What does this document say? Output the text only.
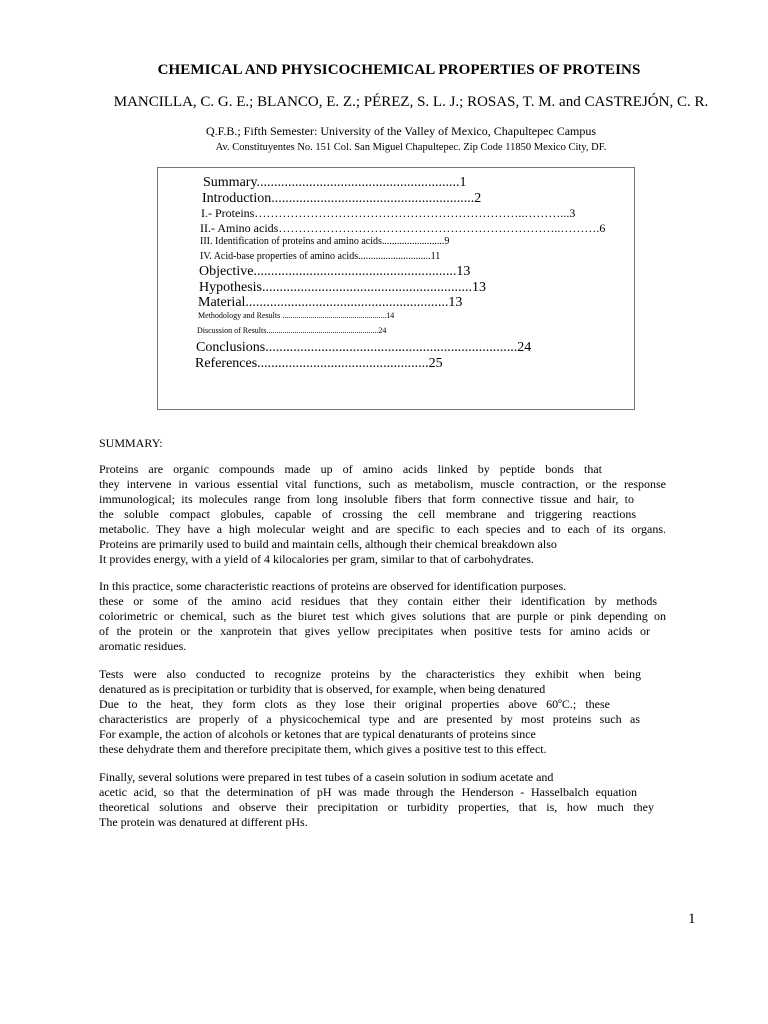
CHEMICAL AND PHYSICOCHEMICAL PROPERTIES OF PROTEINS
MANCILLA, C. G. E.; BLANCO, E. Z.; PÉREZ, S. L. J.; ROSAS, T. M. and CASTREJÓN, C. R.
Q.F.B.; Fifth Semester: University of the Valley of Mexico, Chapultepec Campus
Av. Constituyentes No. 151 Col. San Miguel Chapultepec. Zip Code 11850 Mexico City, DF.
Summary..........................................................1
Introduction..........................................................2
I.- Proteins…………………………………………………………..………...3
II.- Amino acids……………………………………………………………..……….6
III. Identification of proteins and amino acids.........................9
IV. Acid-base properties of amino acids.............................11
Objective..........................................................13
Hypothesis............................................................13
Material..........................................................13
Methodology and Results ....................................................14
Discussion of Results........................................................24
Conclusions........................................................................24
References.................................................25
SUMMARY:
Proteins are organic compounds made up of amino acids linked by peptide bonds that
they intervene in various essential vital functions, such as metabolism, muscle contraction, or the response
immunological; its molecules range from long insoluble fibers that form connective tissue and hair, to
the soluble compact globules, capable of crossing the cell membrane and triggering reactions
metabolic. They have a high molecular weight and are specific to each species and to each of its organs.
Proteins are primarily used to build and maintain cells, although their chemical breakdown also
It provides energy, with a yield of 4 kilocalories per gram, similar to that of carbohydrates.
In this practice, some characteristic reactions of proteins are observed for identification purposes.
these or some of the amino acid residues that they contain either their identification by methods
colorimetric or chemical, such as the biuret test which gives solutions that are purple or pink depending on
of the protein or the xanprotein that gives yellow precipitates when positive tests for amino acids or
aromatic residues.
Tests were also conducted to recognize proteins by the characteristics they exhibit when being
denatured as is precipitation or turbidity that is observed, for example, when being denatured
Due to the heat, they form clots as they lose their original properties above 60ºC.; these
characteristics are properly of a physicochemical type and are presented by most proteins such as
For example, the action of alcohols or ketones that are typical denaturants of proteins since
these dehydrate them and therefore precipitate them, which gives a positive test to this effect.
Finally, several solutions were prepared in test tubes of a casein solution in sodium acetate and
acetic acid, so that the determination of pH was made through the Henderson - Hasselbalch equation
theoretical solutions and observe their precipitation or turbidity properties, that is, how much they
The protein was denatured at different pHs.
1
